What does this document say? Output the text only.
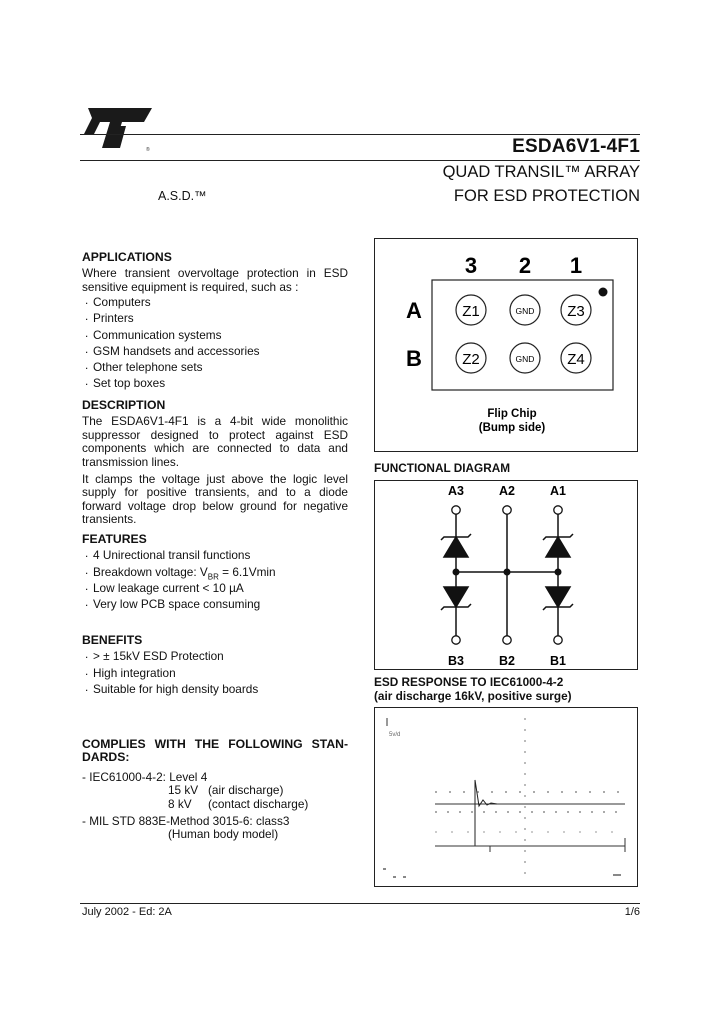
®	ESDA6V1-4F1
QUAD TRANSIL™ ARRAY
FOR ESD PROTECTION
A.S.D.™
APPLICATIONS

Where transient overvoltage protection in ESD sensitive equipment is required, such as :

. Computers
. Printers
. Communication systems
. GSM handsets and accessories
. Other telephone sets
. Set top boxes
DESCRIPTION

The ESDA6V1-4F1 is a 4-bit wide monolithic suppressor designed to protect against ESD components which are connected to data and transmission lines.

It clamps the voltage just above the logic level supply for positive transients, and to a diode forward voltage drop below ground for negative transients.

FEATURES
. 4 Unirectional transil functions
. Breakdown voltage: $V_{BR} = 6.1Vmin$
. Low leakage current < 10 µA
. Very low PCB space consuming
BENEFITS
. > ± 15kV ESD Protection
. High integration
. Suitable for high density boards
COMPLIES WITH THE FOLLOWING STAN-DARDS:
- IEC61000-4-2: Level 4
15 kV (air discharge)
8 kV (contact discharge)
- MIL STD 883E-Method 3015-6: class3
(Human body model)
3 2 1
A
B
Z1	GND Z3
Z2	GND Z4
Flip Chip
(Bump side)
FUNCTIONAL DIAGRAM
A3	A2	A1
B3	B2	B1
ESD RESPONSE TO IEC61000-4-2
(air discharge 16kV, positive surge)
5v/d
July 2002 - Ed: 2A	1/6
